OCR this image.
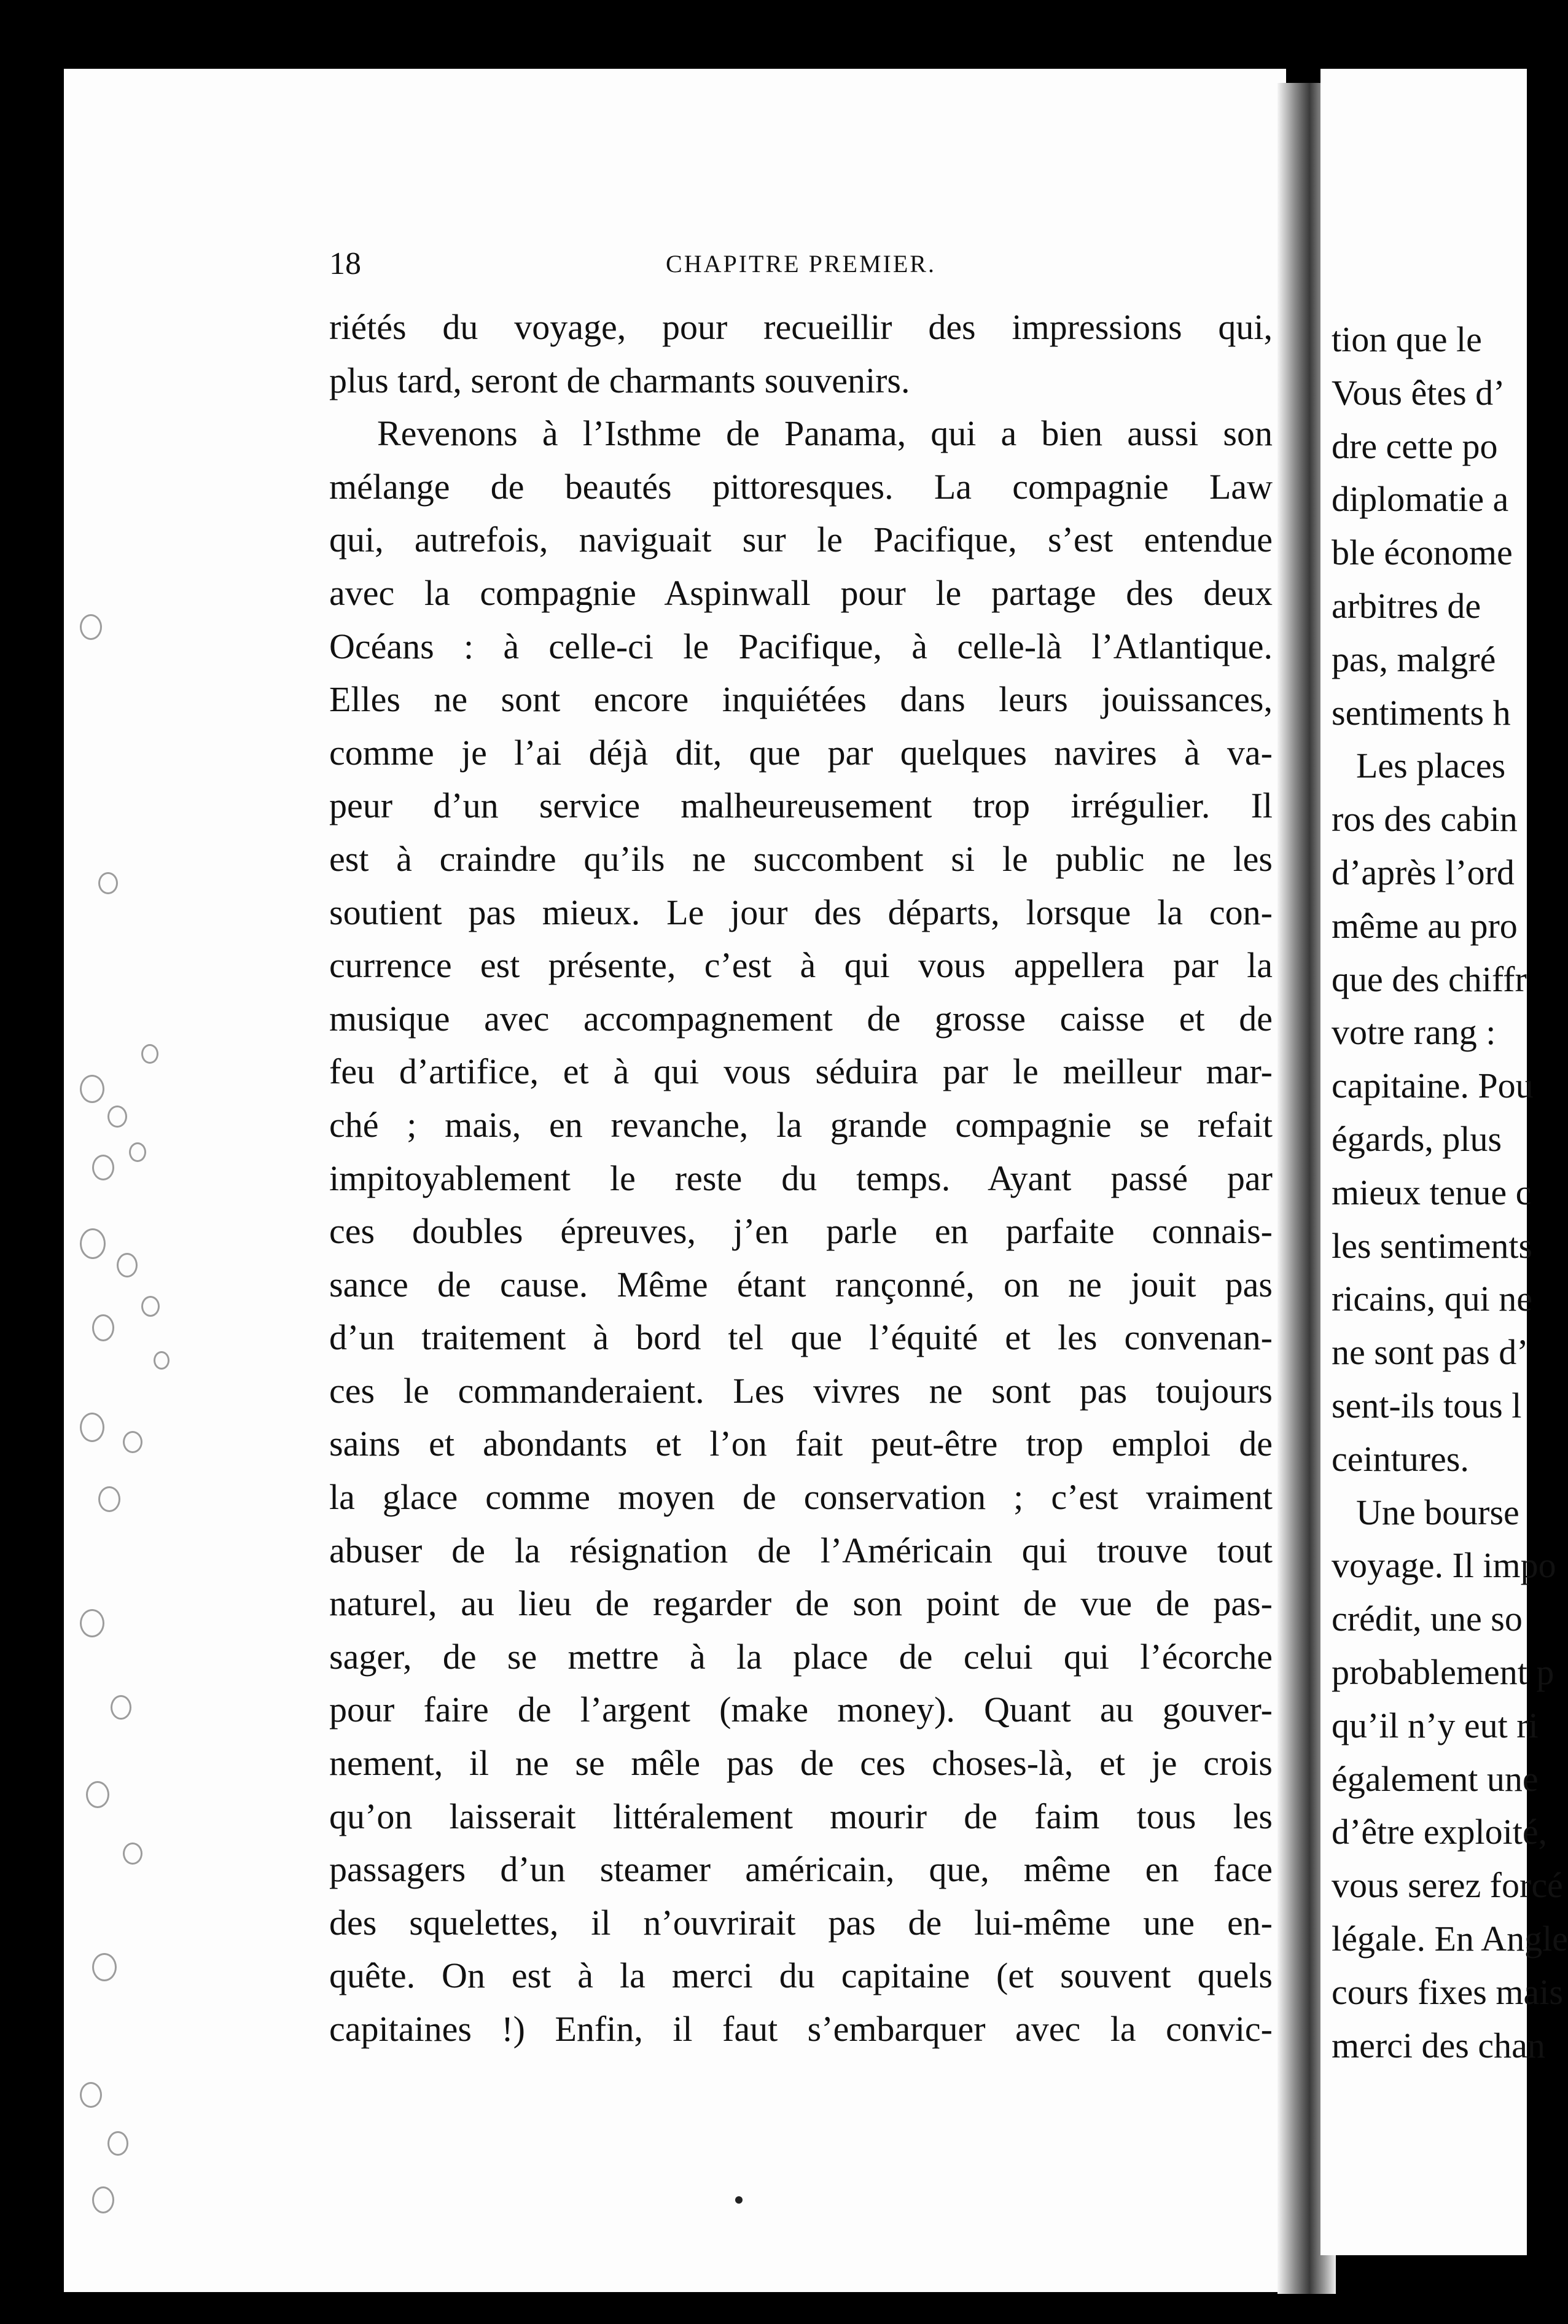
18	CHAPITRE PREMIER.
riétés du voyage, pour recueillir des impressions qui,
plus tard, seront de charmants souvenirs.
Revenons à l’Isthme de Panama, qui a bien aussi son
mélange de beautés pittoresques. La compagnie Law
qui, autrefois, naviguait sur le Pacifique, s’est entendue
avec la compagnie Aspinwall pour le partage des deux
Océans : à celle-ci le Pacifique, à celle-là l’Atlantique.
Elles ne sont encore inquiétées dans leurs jouissances,
comme je l’ai déjà dit, que par quelques navires à va-
peur d’un service malheureusement trop irrégulier. Il
est à craindre qu’ils ne succombent si le public ne les
soutient pas mieux. Le jour des départs, lorsque la con-
currence est présente, c’est à qui vous appellera par la
musique avec accompagnement de grosse caisse et de
feu d’artifice, et à qui vous séduira par le meilleur mar-
ché ; mais, en revanche, la grande compagnie se refait
impitoyablement le reste du temps. Ayant passé par
ces doubles épreuves, j’en parle en parfaite connais-
sance de cause. Même étant rançonné, on ne jouit pas
d’un traitement à bord tel que l’équité et les convenan-
ces le commanderaient. Les vivres ne sont pas toujours
sains et abondants et l’on fait peut-être trop emploi de
la glace comme moyen de conservation ; c’est vraiment
abuser de la résignation de l’Américain qui trouve tout
naturel, au lieu de regarder de son point de vue de pas-
sager, de se mettre à la place de celui qui l’écorche
pour faire de l’argent (make money). Quant au gouver-
nement, il ne se mêle pas de ces choses-là, et je crois
qu’on laisserait littéralement mourir de faim tous les
passagers d’un steamer américain, que, même en face
des squelettes, il n’ouvrirait pas de lui-même une en-
quête. On est à la merci du capitaine (et souvent quels
capitaines !) Enfin, il faut s’embarquer avec la convic-
tion que le
Vous êtes d’
dre cette po
diplomatie a
ble économe
arbitres de
pas, malgré
sentiments h
Les places
ros des cabin
d’après l’ord
même au pro
que des chiffr
votre rang :
capitaine. Pou
égards, plus
mieux tenue c
les sentiments
ricains, qui ne
ne sont pas d’
sent-ils tous l
ceintures.
Une bourse
voyage. Il impo
crédit, une so
probablement p
qu’il n’y eut ri
également une
d’être exploité,
vous serez forcé
légale. En Angle
cours fixes mais
merci des chan
